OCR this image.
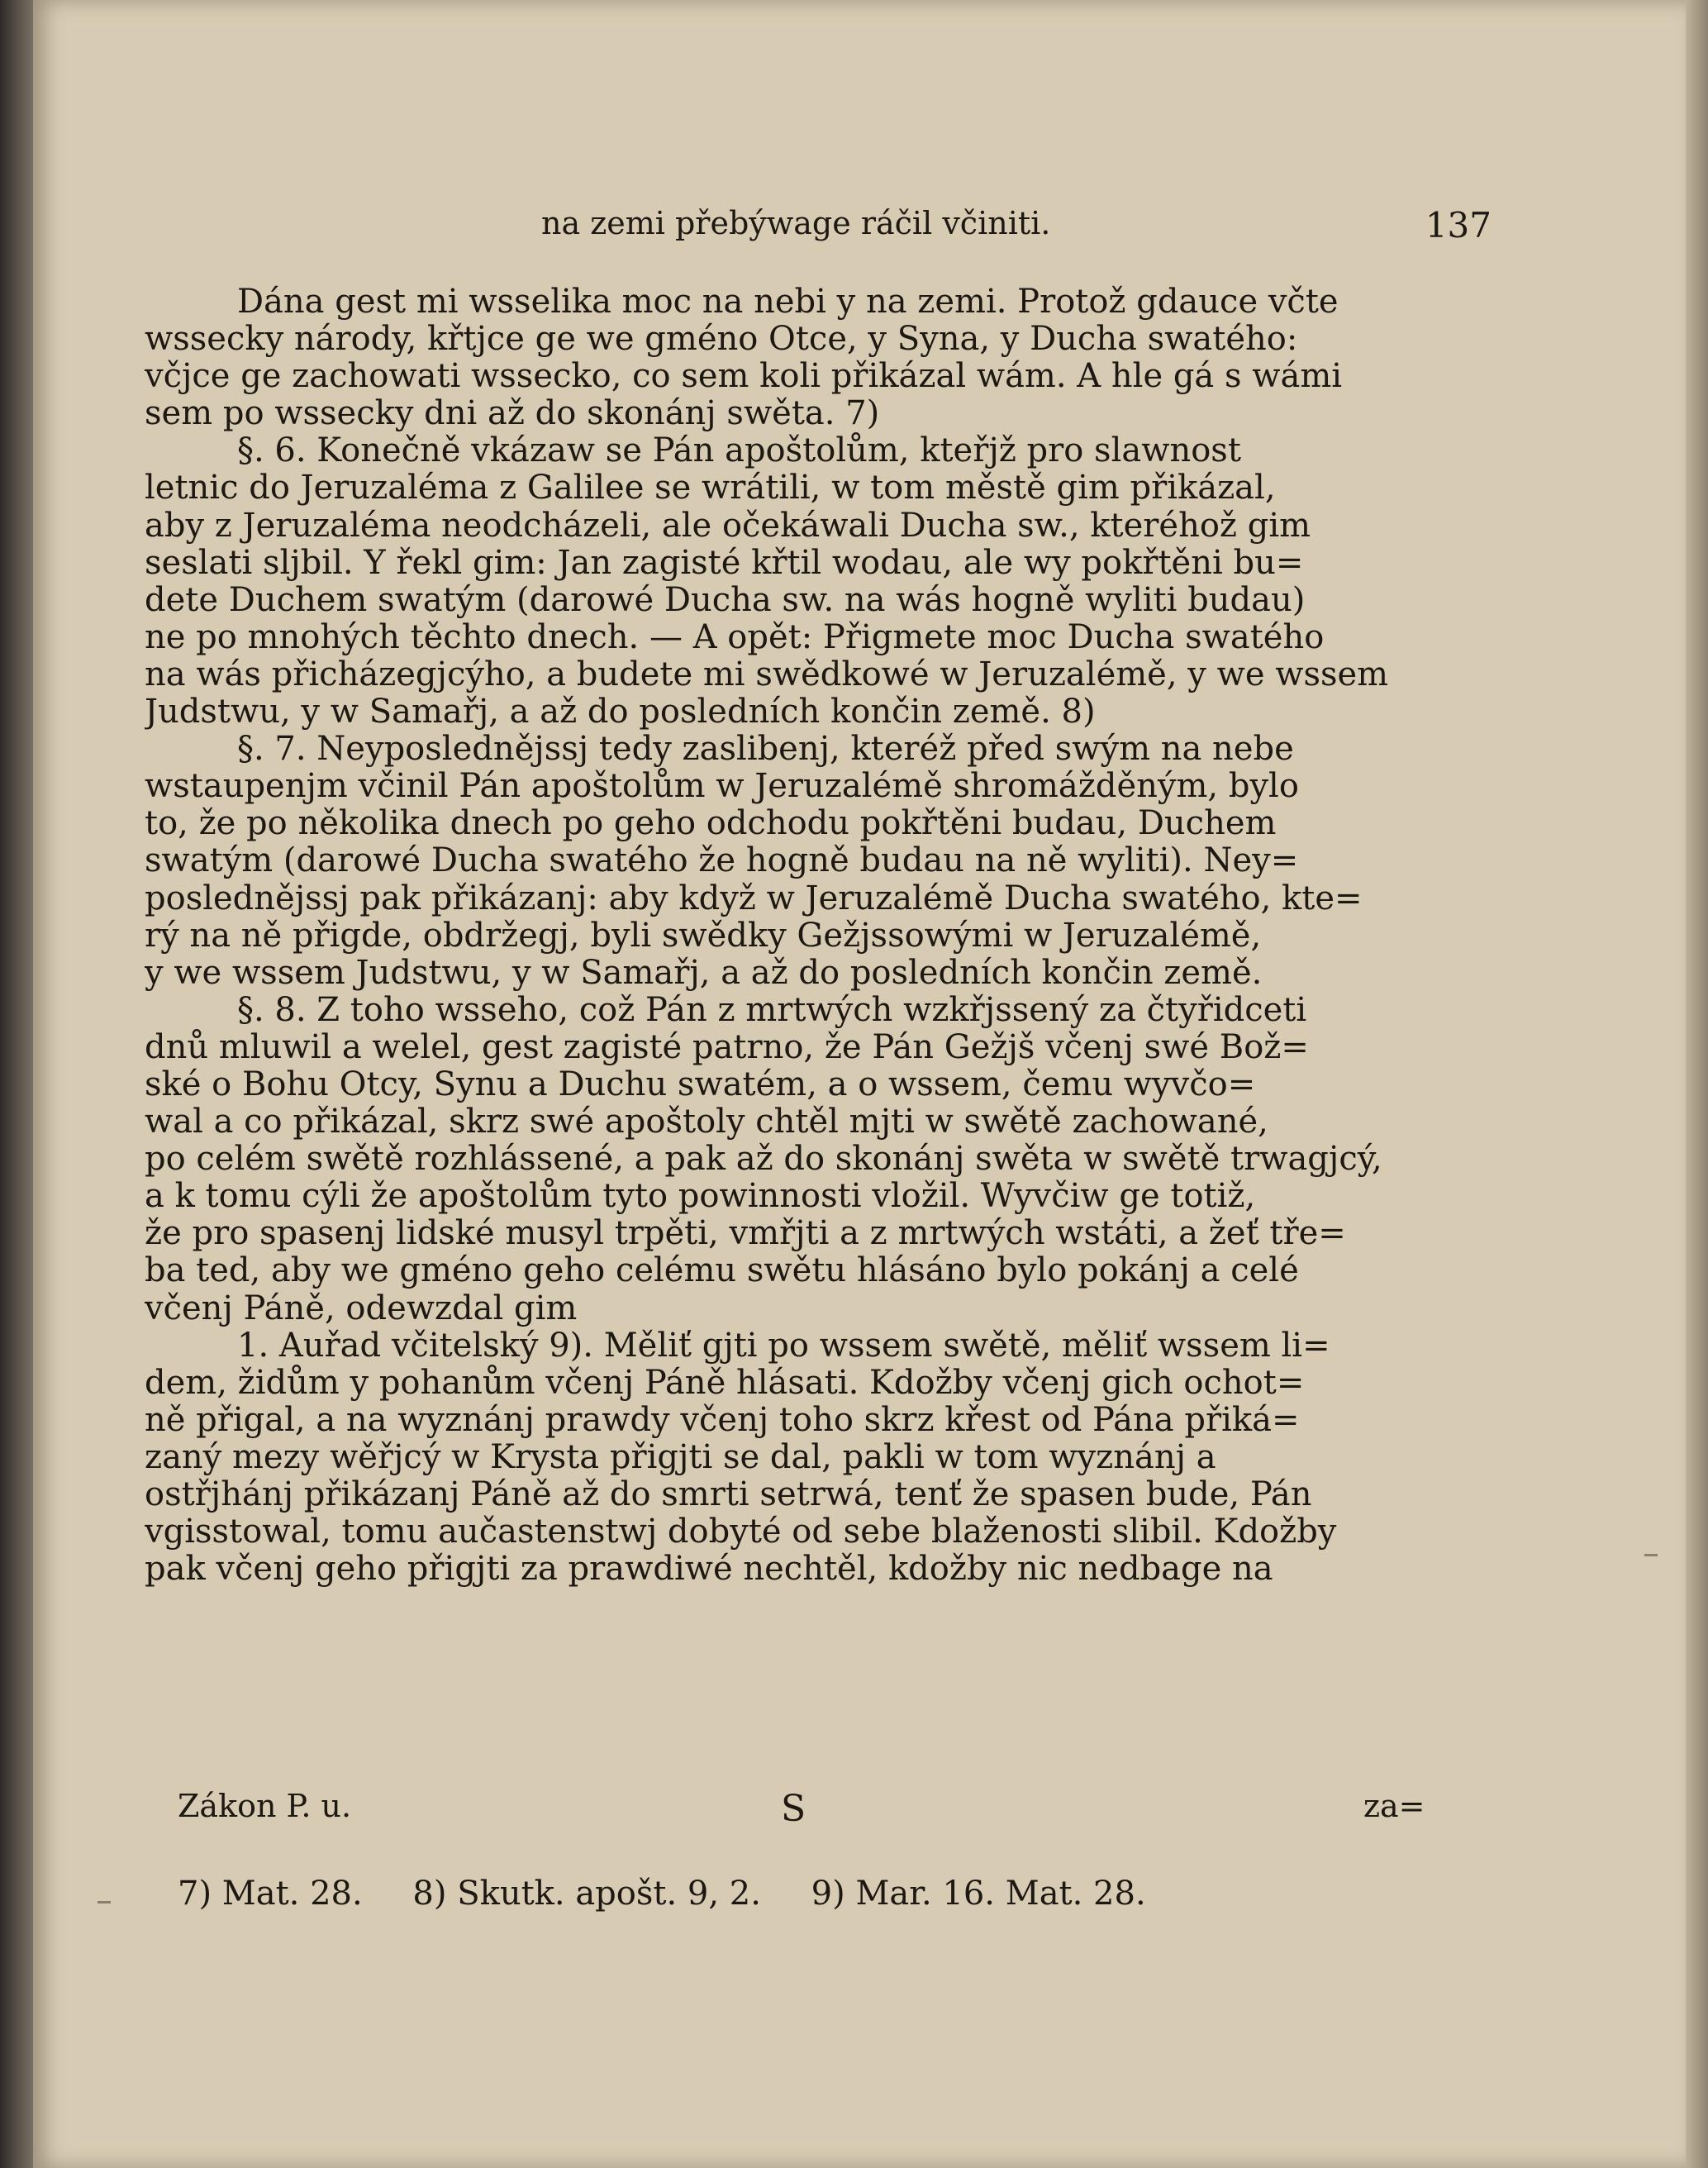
na zemi přebýwage ráčil včiniti.	137
Dána gest mi wsselika moc na nebi y na zemi. Protož gdauce včte
wssecky národy, křtjce ge we gméno Otce, y Syna, y Ducha swatého:
včjce ge zachowati wssecko, co sem koli přikázal wám. A hle gá s wámi
sem po wssecky dni až do skonánj swěta. 7)
§. 6. Konečně vkázaw se Pán apoštolům, kteřjž pro slawnost
letnic do Jeruzaléma z Galilee se wrátili, w tom městě gim přikázal,
aby z Jeruzaléma neodcházeli, ale očekáwali Ducha sw., kteréhož gim
seslati sljbil. Y řekl gim: Jan zagisté křtil wodau, ale wy pokřtěni bu=
dete Duchem swatým (darowé Ducha sw. na wás hogně wyliti budau)
ne po mnohých těchto dnech. — A opět: Přigmete moc Ducha swatého
na wás přicházegjcýho, a budete mi swědkowé w Jeruzalémě, y we wssem
Judstwu, y w Samařj, a až do posledních končin země. 8)
§. 7. Neyposlednějssj tedy zaslibenj, kteréž před swým na nebe
wstaupenjm včinil Pán apoštolům w Jeruzalémě shromážděným, bylo
to, že po několika dnech po geho odchodu pokřtěni budau, Duchem
swatým (darowé Ducha swatého že hogně budau na ně wyliti). Ney=
poslednějssj pak přikázanj: aby když w Jeruzalémě Ducha swatého, kte=
rý na ně přigde, obdržegj, byli swědky Gežjssowými w Jeruzalémě,
y we wssem Judstwu, y w Samařj, a až do posledních končin země.
§. 8. Z toho wsseho, což Pán z mrtwých wzkřjssený za čtyřidceti
dnů mluwil a welel, gest zagisté patrno, že Pán Gežjš včenj swé Bož=
ské o Bohu Otcy, Synu a Duchu swatém, a o wssem, čemu wyvčo=
wal a co přikázal, skrz swé apoštoly chtěl mjti w swětě zachowané,
po celém swětě rozhlássené, a pak až do skonánj swěta w swětě trwagjcý,
a k tomu cýli že apoštolům tyto powinnosti vložil. Wyvčiw ge totiž,
že pro spasenj lidské musyl trpěti, vmřjti a z mrtwých wstáti, a žeť tře=
ba ted, aby we gméno geho celému swětu hlásáno bylo pokánj a celé
včenj Páně, odewzdal gim
1. Auřad včitelský 9). Měliť gjti po wssem swětě, měliť wssem li=
dem, židům y pohanům včenj Páně hlásati. Kdožby včenj gich ochot=
ně přigal, a na wyznánj prawdy včenj toho skrz křest od Pána přiká=
zaný mezy wěřjcý w Krysta přigjti se dal, pakli w tom wyznánj a
ostřjhánj přikázanj Páně až do smrti setrwá, tenť že spasen bude, Pán
vgisstowal, tomu aučastenstwj dobyté od sebe blaženosti slibil. Kdožby
pak včenj geho přigjti za prawdiwé nechtěl, kdožby nic nedbage na
Zákon P. u.	S	za=
7) Mat. 28. 8) Skutk. apošt. 9, 2. 9) Mar. 16. Mat. 28.
